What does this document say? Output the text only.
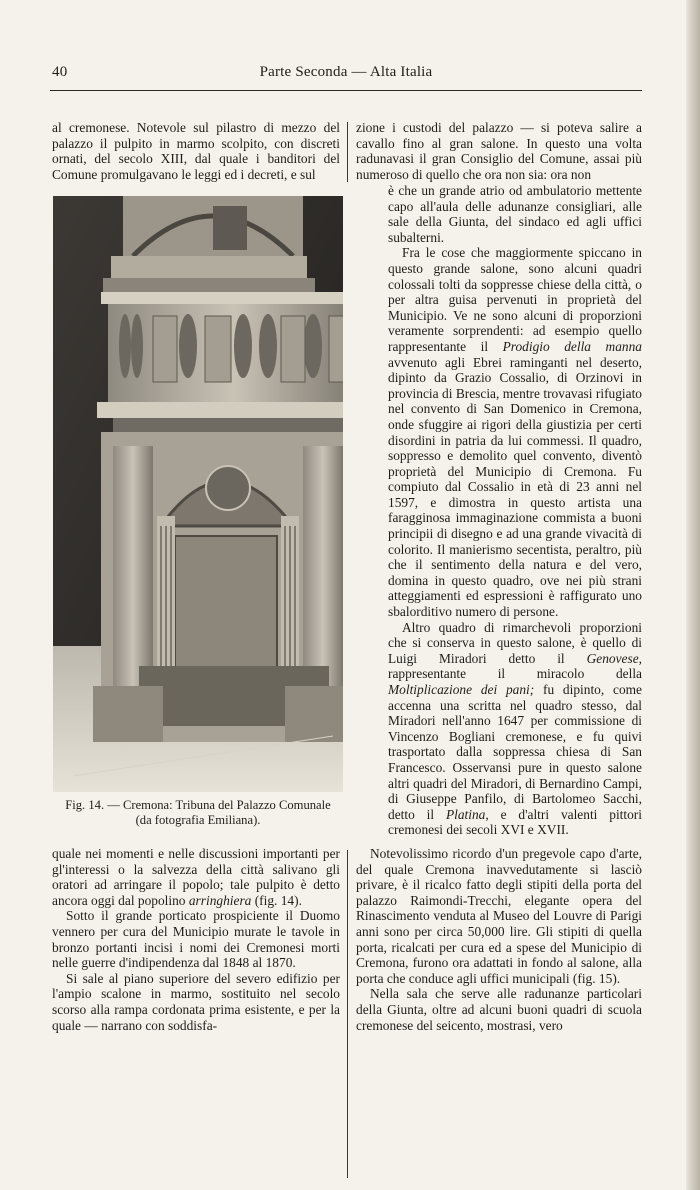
40	Parte Seconda — Alta Italia

al cremonese. Notevole sul pilastro di mezzo del palazzo il pulpito in marmo scolpito, con discreti ornati, del secolo XIII, dal quale i banditori del Comune promulgavano le leggi ed i decreti, e sul

Fig. 14. — Cremona: Tribuna del Palazzo Comunale
(da fotografia Emiliana).

quale nei momenti e nelle discussioni importanti per gl'interessi o la salvezza della città salivano gli oratori ad arringare il popolo; tale pulpito è detto ancora oggi dal popolino arringhiera (fig. 14).

Sotto il grande porticato prospiciente il Duomo vennero per cura del Municipio murate le tavole in bronzo portanti incisi i nomi dei Cremonesi morti nelle guerre d'indipendenza dal 1848 al 1870.

Si sale al piano superiore del severo edifizio per l'ampio scalone in marmo, sostituito nel secolo scorso alla rampa cordonata prima esistente, e per la quale — narrano con soddisfa-

zione i custodi del palazzo — si poteva salire a cavallo fino al gran salone. In questo una volta radunavasi il gran Consiglio del Comune, assai più numeroso di quello che ora non sia: ora non

è che un grande atrio od ambulatorio mettente capo all'aula delle adunanze consigliari, alle sale della Giunta, del sindaco ed agli uffici subalterni.

Fra le cose che maggiormente spiccano in questo grande salone, sono alcuni quadri colossali tolti da soppresse chiese della città, o per altra guisa pervenuti in proprietà del Municipio. Ve ne sono alcuni di proporzioni veramente sorprendenti: ad esempio quello rappresentante il Prodigio della manna avvenuto agli Ebrei raminganti nel deserto, dipinto da Grazio Cossalio, di Orzinovi in provincia di Brescia, mentre trovavasi rifugiato nel convento di San Domenico in Cremona, onde sfuggire ai rigori della giustizia per certi disordini in patria da lui commessi. Il quadro, soppresso e demolito quel convento, diventò proprietà del Municipio di Cremona. Fu compiuto dal Cossalio in età di 23 anni nel 1597, e dimostra in questo artista una faragginosa immaginazione commista a buoni principii di disegno e ad una grande vivacità di colorito. Il manierismo secentista, peraltro, più che il sentimento della natura e del vero, domina in questo quadro, ove nei più strani atteggiamenti ed espressioni è raffigurato uno sbalorditivo numero di persone.

Altro quadro di rimarchevoli proporzioni che si conserva in questo salone, è quello di Luigi Miradori detto il Genovese, rappresentante il miracolo della Moltiplicazione dei pani; fu dipinto, come accenna una scritta nel quadro stesso, dal Miradori nell'anno 1647 per commissione di Vincenzo Bogliani cremonese, e fu quivi trasportato dalla soppressa chiesa di San Francesco. Osservansi pure in questo salone altri quadri del Miradori, di Bernardino Campi, di Giuseppe Panfilo, di Bartolomeo Sacchi, detto il Platina, e d'altri valenti pittori cremonesi dei secoli XVI e XVII.

Notevolissimo ricordo d'un pregevole capo d'arte, del quale Cremona inavvedutamente si lasciò privare, è il ricalco fatto degli stipiti della porta del palazzo Raimondi-Trecchi, elegante opera del Rinascimento venduta al Museo del Louvre di Parigi anni sono per circa 50,000 lire. Gli stipiti di quella porta, ricalcati per cura ed a spese del Municipio di Cremona, furono ora adattati in fondo al salone, alla porta che conduce agli uffici municipali (fig. 15).

Nella sala che serve alle radunanze particolari della Giunta, oltre ad alcuni buoni quadri di scuola cremonese del seicento, mostrasi, vero
